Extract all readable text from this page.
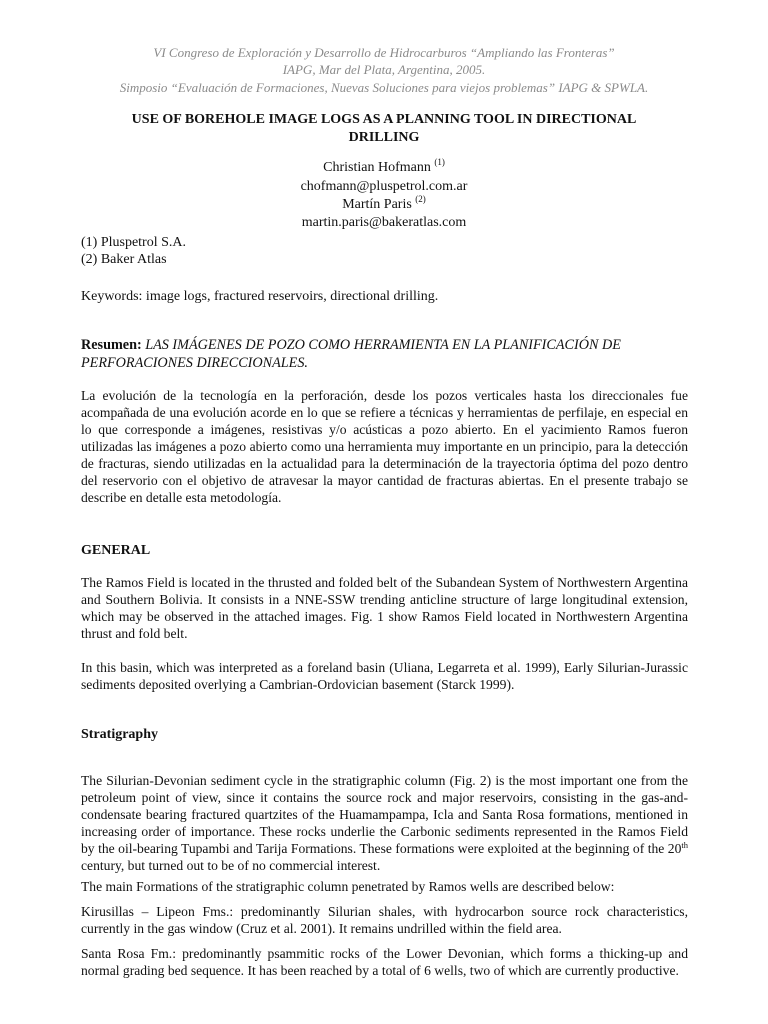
VI Congreso de Exploración y Desarrollo de Hidrocarburos “Ampliando las Fronteras”
IAPG, Mar del Plata, Argentina, 2005.
Simposio “Evaluación de Formaciones, Nuevas Soluciones para viejos problemas” IAPG & SPWLA.
USE OF BOREHOLE IMAGE LOGS AS A PLANNING TOOL IN DIRECTIONAL
DRILLING
Christian Hofmann $^{(1)}$
chofmann@pluspetrol.com.ar
Martín Paris $^{(2)}$
martin.paris@bakeratlas.com
(1) Pluspetrol S.A.
(2) Baker Atlas
Keywords: image logs, fractured reservoirs, directional drilling.
Resumen: LAS IMÁGENES DE POZO COMO HERRAMIENTA EN LA PLANIFICACIÓN DE
PERFORACIONES DIRECCIONALES.

La evolución de la tecnología en la perforación, desde los pozos verticales hasta los direccionales fue acompañada de una evolución acorde en lo que se refiere a técnicas y herramientas de perfilaje, en especial en lo que corresponde a imágenes, resistivas y/o acústicas a pozo abierto. En el yacimiento Ramos fueron utilizadas las imágenes a pozo abierto como una herramienta muy importante en un principio, para la detección de fracturas, siendo utilizadas en la actualidad para la determinación de la trayectoria óptima del pozo dentro del reservorio con el objetivo de atravesar la mayor cantidad de fracturas abiertas. En el presente trabajo se describe en detalle esta metodología.

GENERAL

The Ramos Field is located in the thrusted and folded belt of the Subandean System of Northwestern Argentina and Southern Bolivia. It consists in a NNE-SSW trending anticline structure of large longitudinal extension, which may be observed in the attached images. Fig. 1 show Ramos Field located in Northwestern Argentina thrust and fold belt.

In this basin, which was interpreted as a foreland basin (Uliana, Legarreta et al. 1999), Early Silurian-Jurassic sediments deposited overlying a Cambrian-Ordovician basement (Starck 1999).

Stratigraphy

The Silurian-Devonian sediment cycle in the stratigraphic column (Fig. 2) is the most important one from the petroleum point of view, since it contains the source rock and major reservoirs, consisting in the gas-and-condensate bearing fractured quartzites of the Huamampampa, Icla and Santa Rosa formations, mentioned in increasing order of importance. These rocks underlie the Carbonic sediments represented in the Ramos Field by the oil-bearing Tupambi and Tarija Formations. These formations were exploited at the beginning of the 20th century, but turned out to be of no commercial interest.

The main Formations of the stratigraphic column penetrated by Ramos wells are described below:

Kirusillas – Lipeon Fms.: predominantly Silurian shales, with hydrocarbon source rock characteristics, currently in the gas window (Cruz et al. 2001). It remains undrilled within the field area.

Santa Rosa Fm.: predominantly psammitic rocks of the Lower Devonian, which forms a thicking-up and normal grading bed sequence. It has been reached by a total of 6 wells, two of which are currently productive.
